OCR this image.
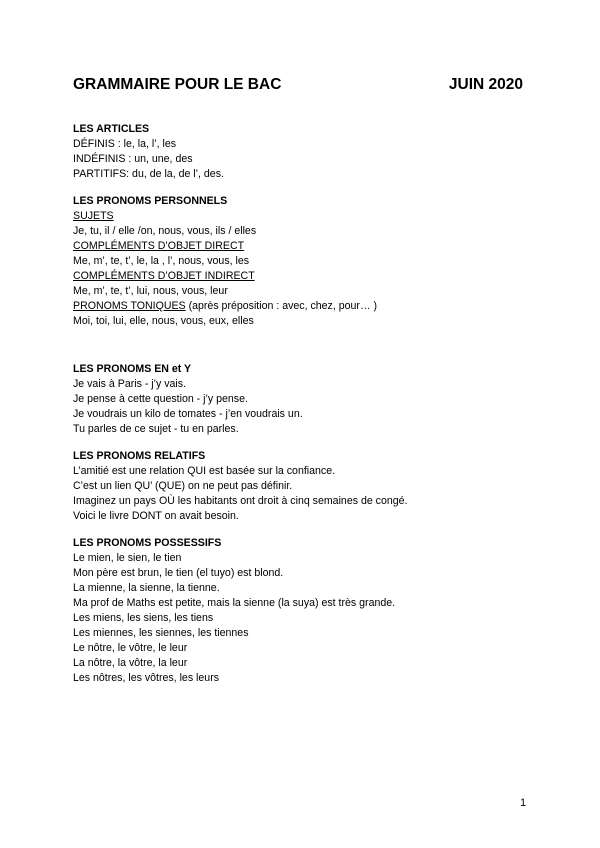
GRAMMAIRE POUR LE BAC	JUIN 2020
LES ARTICLES
DÉFINIS : le, la, l’, les
INDÉFINIS : un, une, des
PARTITIFS: du, de la, de l’, des.
LES PRONOMS PERSONNELS
SUJETS
Je, tu, il / elle /on, nous, vous, ils / elles
COMPLÉMENTS D’OBJET DIRECT
Me, m’, te, t’, le, la , l’, nous, vous, les
COMPLÉMENTS D’OBJET INDIRECT
Me, m’, te, t’, lui, nous, vous, leur
PRONOMS TONIQUES (après préposition : avec, chez, pour… )
Moi, toi, lui, elle, nous, vous, eux, elles
LES PRONOMS EN et Y
Je vais à Paris - j’y vais.
Je pense à cette question - j’y pense.
Je voudrais un kilo de tomates - j’en voudrais un.
Tu parles de ce sujet - tu en parles.
LES PRONOMS RELATIFS
L’amitié est une relation QUI est basée sur la confiance.
C’est un lien QU’ (QUE) on ne peut pas définir.
Imaginez un pays OÙ les habitants ont droit à cinq semaines de congé.
Voici le livre DONT on avait besoin.
LES PRONOMS POSSESSIFS
Le mien, le sien, le tien
Mon père est brun, le tien (el tuyo) est blond.
La mienne, la sienne, la tienne.
Ma prof de Maths est petite, mais la sienne (la suya) est très grande.
Les miens, les siens, les tiens
Les miennes, les siennes, les tiennes
Le nôtre, le vôtre, le leur
La nôtre, la vôtre, la leur
Les nôtres, les vôtres, les leurs
1
